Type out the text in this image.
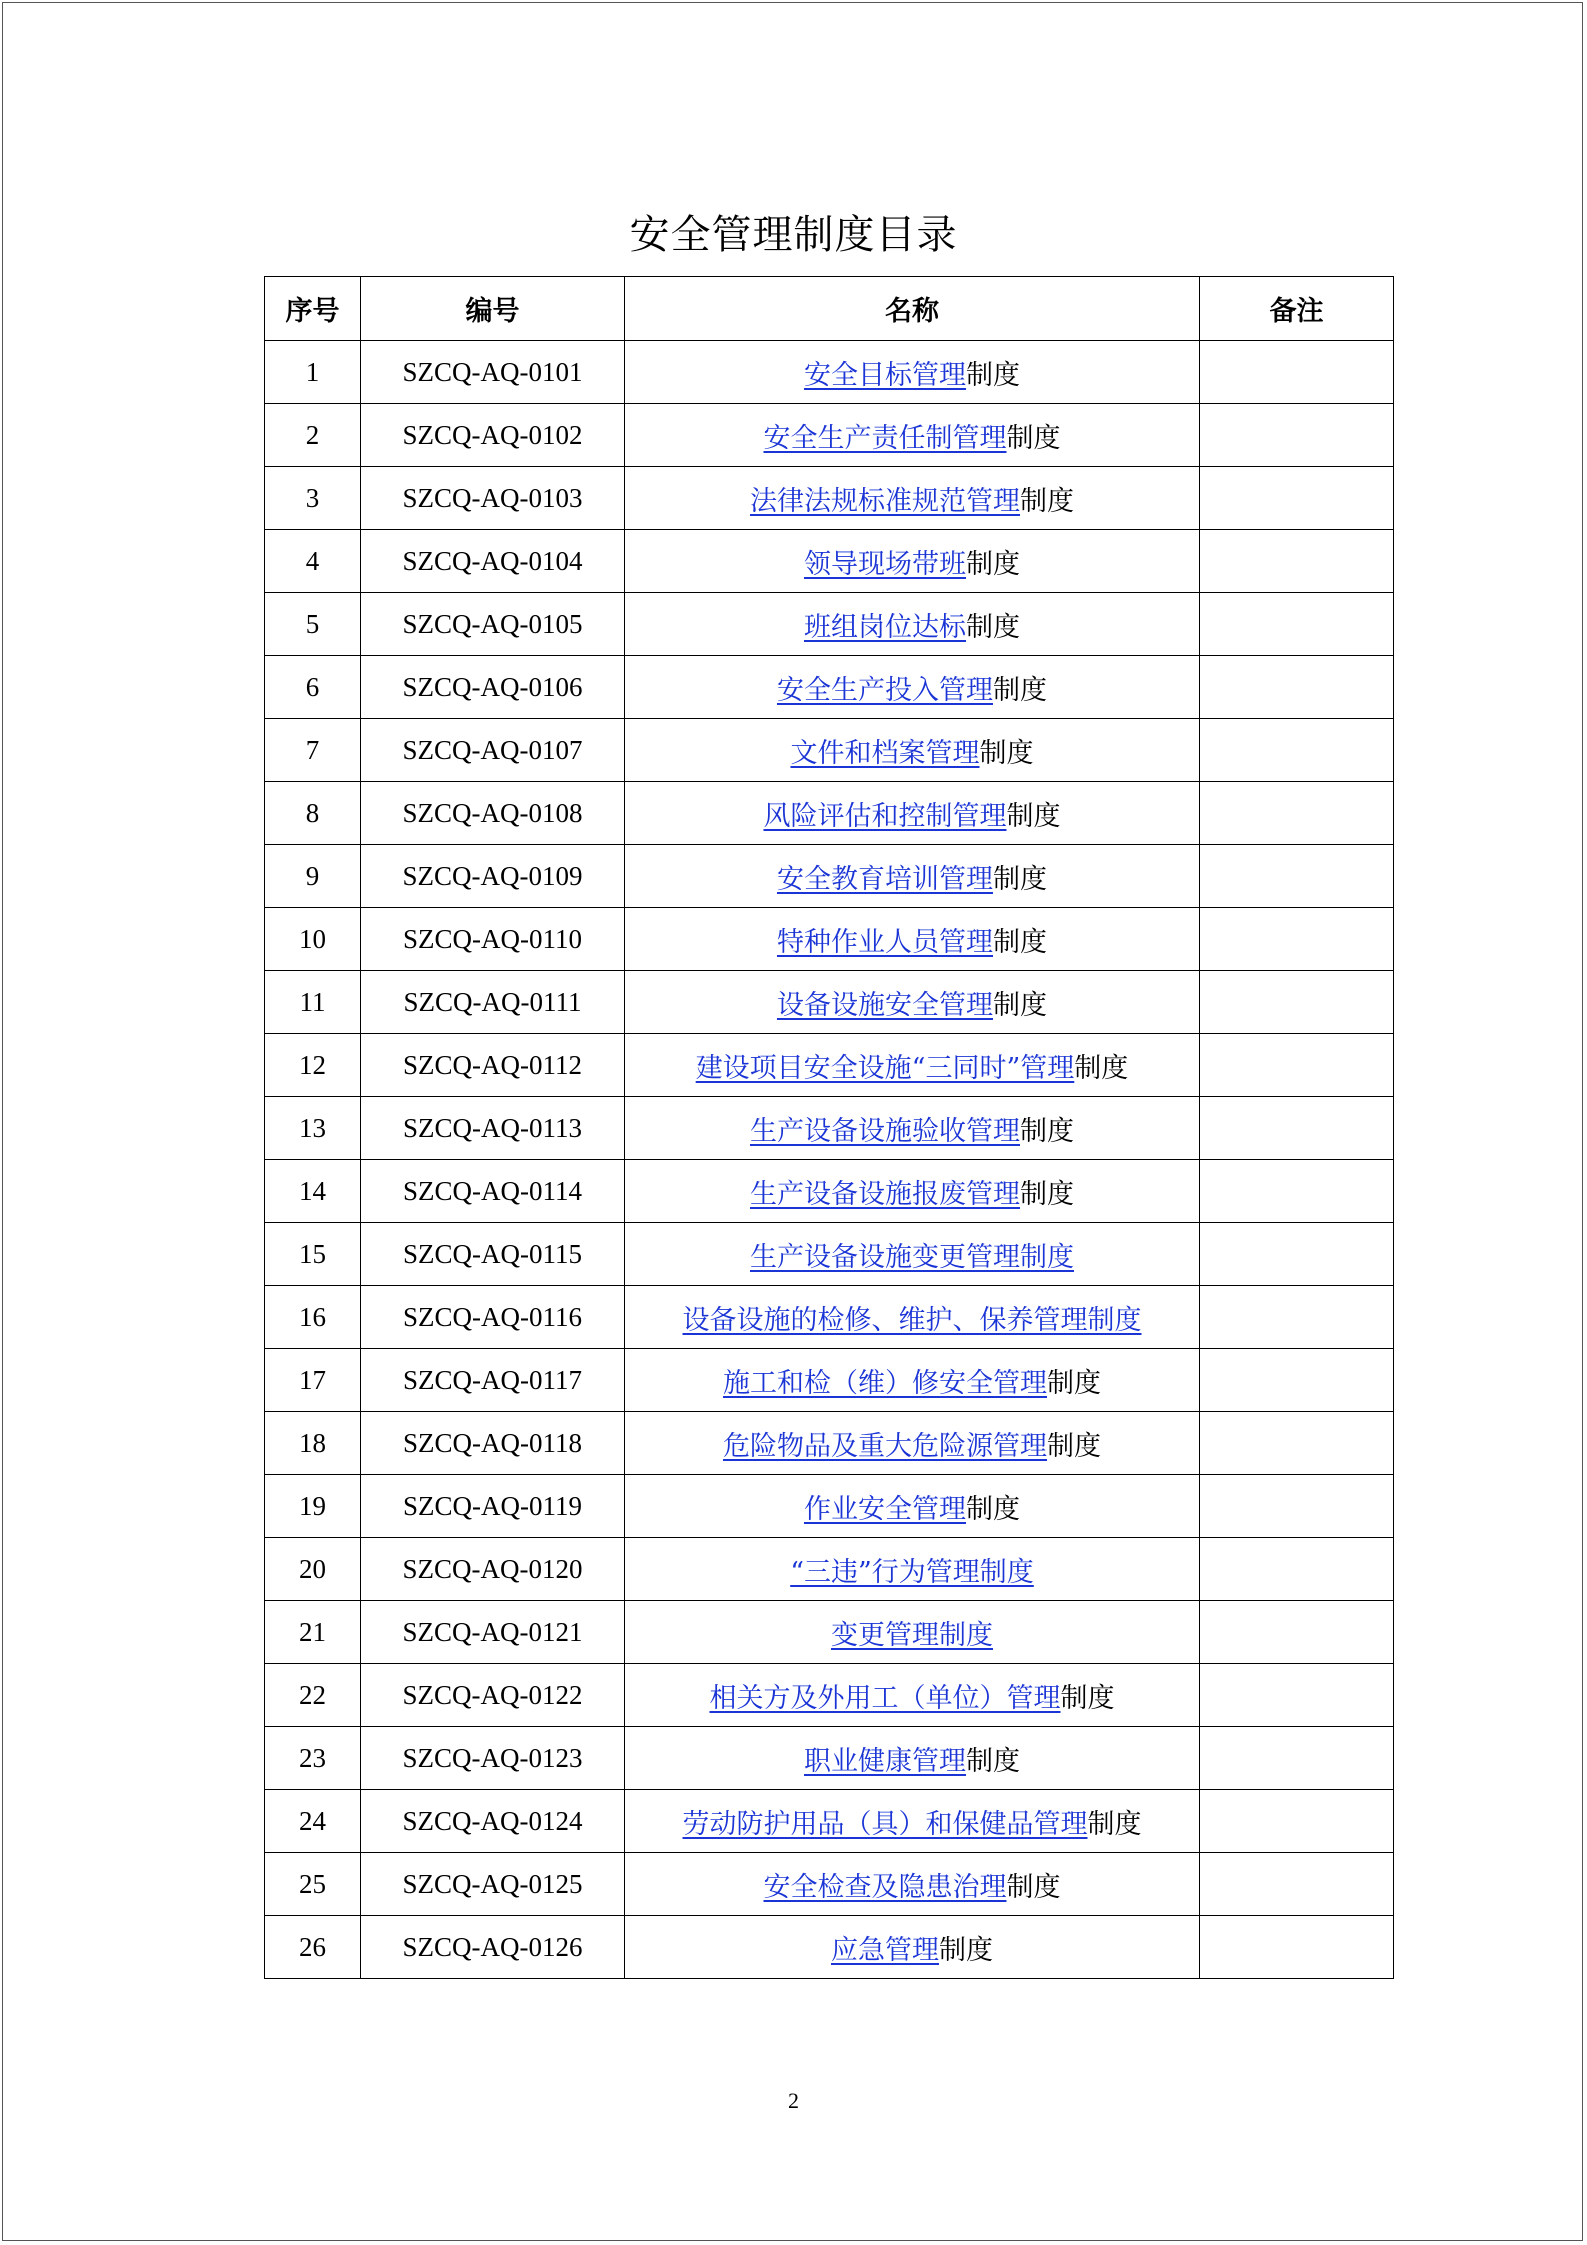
安全管理制度目录
序号	编号	名称	备注
1	SZCQ-AQ-0101	安全目标管理制度	
2	SZCQ-AQ-0102	安全生产责任制管理制度	
3	SZCQ-AQ-0103	法律法规标准规范管理制度	
4	SZCQ-AQ-0104	领导现场带班制度	
5	SZCQ-AQ-0105	班组岗位达标制度	
6	SZCQ-AQ-0106	安全生产投入管理制度	
7	SZCQ-AQ-0107	文件和档案管理制度	
8	SZCQ-AQ-0108	风险评估和控制管理制度	
9	SZCQ-AQ-0109	安全教育培训管理制度	
10	SZCQ-AQ-0110	特种作业人员管理制度	
11	SZCQ-AQ-0111	设备设施安全管理制度	
12	SZCQ-AQ-0112	建设项目安全设施“三同时”管理制度	
13	SZCQ-AQ-0113	生产设备设施验收管理制度	
14	SZCQ-AQ-0114	生产设备设施报废管理制度	
15	SZCQ-AQ-0115	生产设备设施变更管理制度	
16	SZCQ-AQ-0116	设备设施的检修、维护、保养管理制度	
17	SZCQ-AQ-0117	施工和检（维）修安全管理制度	
18	SZCQ-AQ-0118	危险物品及重大危险源管理制度	
19	SZCQ-AQ-0119	作业安全管理制度	
20	SZCQ-AQ-0120	“三违”行为管理制度	
21	SZCQ-AQ-0121	变更管理制度	
22	SZCQ-AQ-0122	相关方及外用工（单位）管理制度	
23	SZCQ-AQ-0123	职业健康管理制度	
24	SZCQ-AQ-0124	劳动防护用品（具）和保健品管理制度	
25	SZCQ-AQ-0125	安全检查及隐患治理制度	
26	SZCQ-AQ-0126	应急管理制度	
2
